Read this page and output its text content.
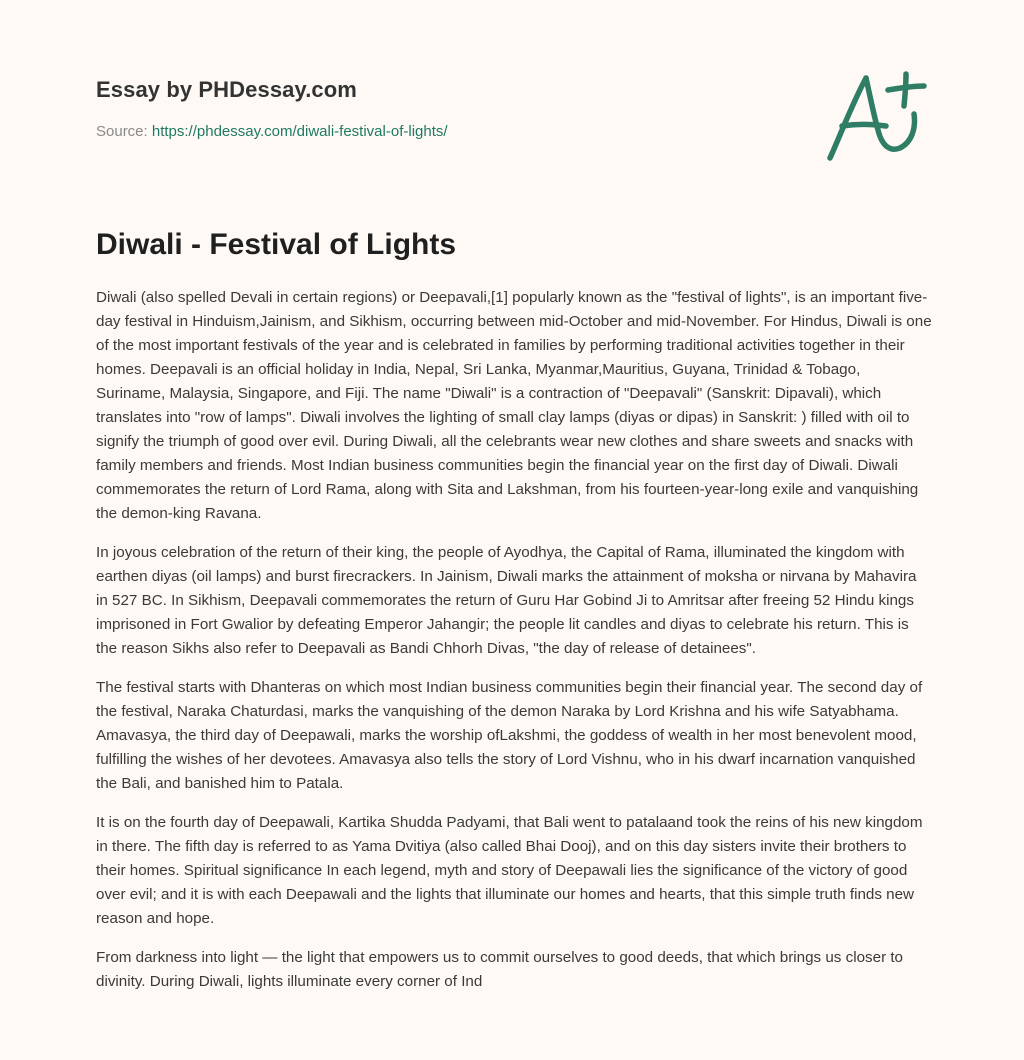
Essay by PHDessay.com
Source: https://phdessay.com/diwali-festival-of-lights/
Diwali - Festival of Lights

Diwali (also spelled Devali in certain regions) or Deepavali,[1] popularly known as the "festival of lights", is an important five-day festival in Hinduism,Jainism, and Sikhism, occurring between mid-October and mid-November. For Hindus, Diwali is one of the most important festivals of the year and is celebrated in families by performing traditional activities together in their homes. Deepavali is an official holiday in India, Nepal, Sri Lanka, Myanmar,Mauritius, Guyana, Trinidad & Tobago, Suriname, Malaysia, Singapore, and Fiji. The name "Diwali" is a contraction of "Deepavali" (Sanskrit: Dipavali), which translates into "row of lamps". Diwali involves the lighting of small clay lamps (diyas or dipas) in Sanskrit: ) filled with oil to signify the triumph of good over evil. During Diwali, all the celebrants wear new clothes and share sweets and snacks with family members and friends. Most Indian business communities begin the financial year on the first day of Diwali. Diwali commemorates the return of Lord Rama, along with Sita and Lakshman, from his fourteen-year-long exile and vanquishing the demon-king Ravana.

In joyous celebration of the return of their king, the people of Ayodhya, the Capital of Rama, illuminated the kingdom with earthen diyas (oil lamps) and burst firecrackers. In Jainism, Diwali marks the attainment of moksha or nirvana by Mahavira in 527 BC. In Sikhism, Deepavali commemorates the return of Guru Har Gobind Ji to Amritsar after freeing 52 Hindu kings imprisoned in Fort Gwalior by defeating Emperor Jahangir; the people lit candles and diyas to celebrate his return. This is the reason Sikhs also refer to Deepavali as Bandi Chhorh Divas, "the day of release of detainees".

The festival starts with Dhanteras on which most Indian business communities begin their financial year. The second day of the festival, Naraka Chaturdasi, marks the vanquishing of the demon Naraka by Lord Krishna and his wife Satyabhama. Amavasya, the third day of Deepawali, marks the worship ofLakshmi, the goddess of wealth in her most benevolent mood, fulfilling the wishes of her devotees. Amavasya also tells the story of Lord Vishnu, who in his dwarf incarnation vanquished the Bali, and banished him to Patala.

It is on the fourth day of Deepawali, Kartika Shudda Padyami, that Bali went to patalaand took the reins of his new kingdom in there. The fifth day is referred to as Yama Dvitiya (also called Bhai Dooj), and on this day sisters invite their brothers to their homes. Spiritual significance In each legend, myth and story of Deepawali lies the significance of the victory of good over evil; and it is with each Deepawali and the lights that illuminate our homes and hearts, that this simple truth finds new reason and hope.

From darkness into light — the light that empowers us to commit ourselves to good deeds, that which brings us closer to divinity. During Diwali, lights illuminate every corner of Ind
